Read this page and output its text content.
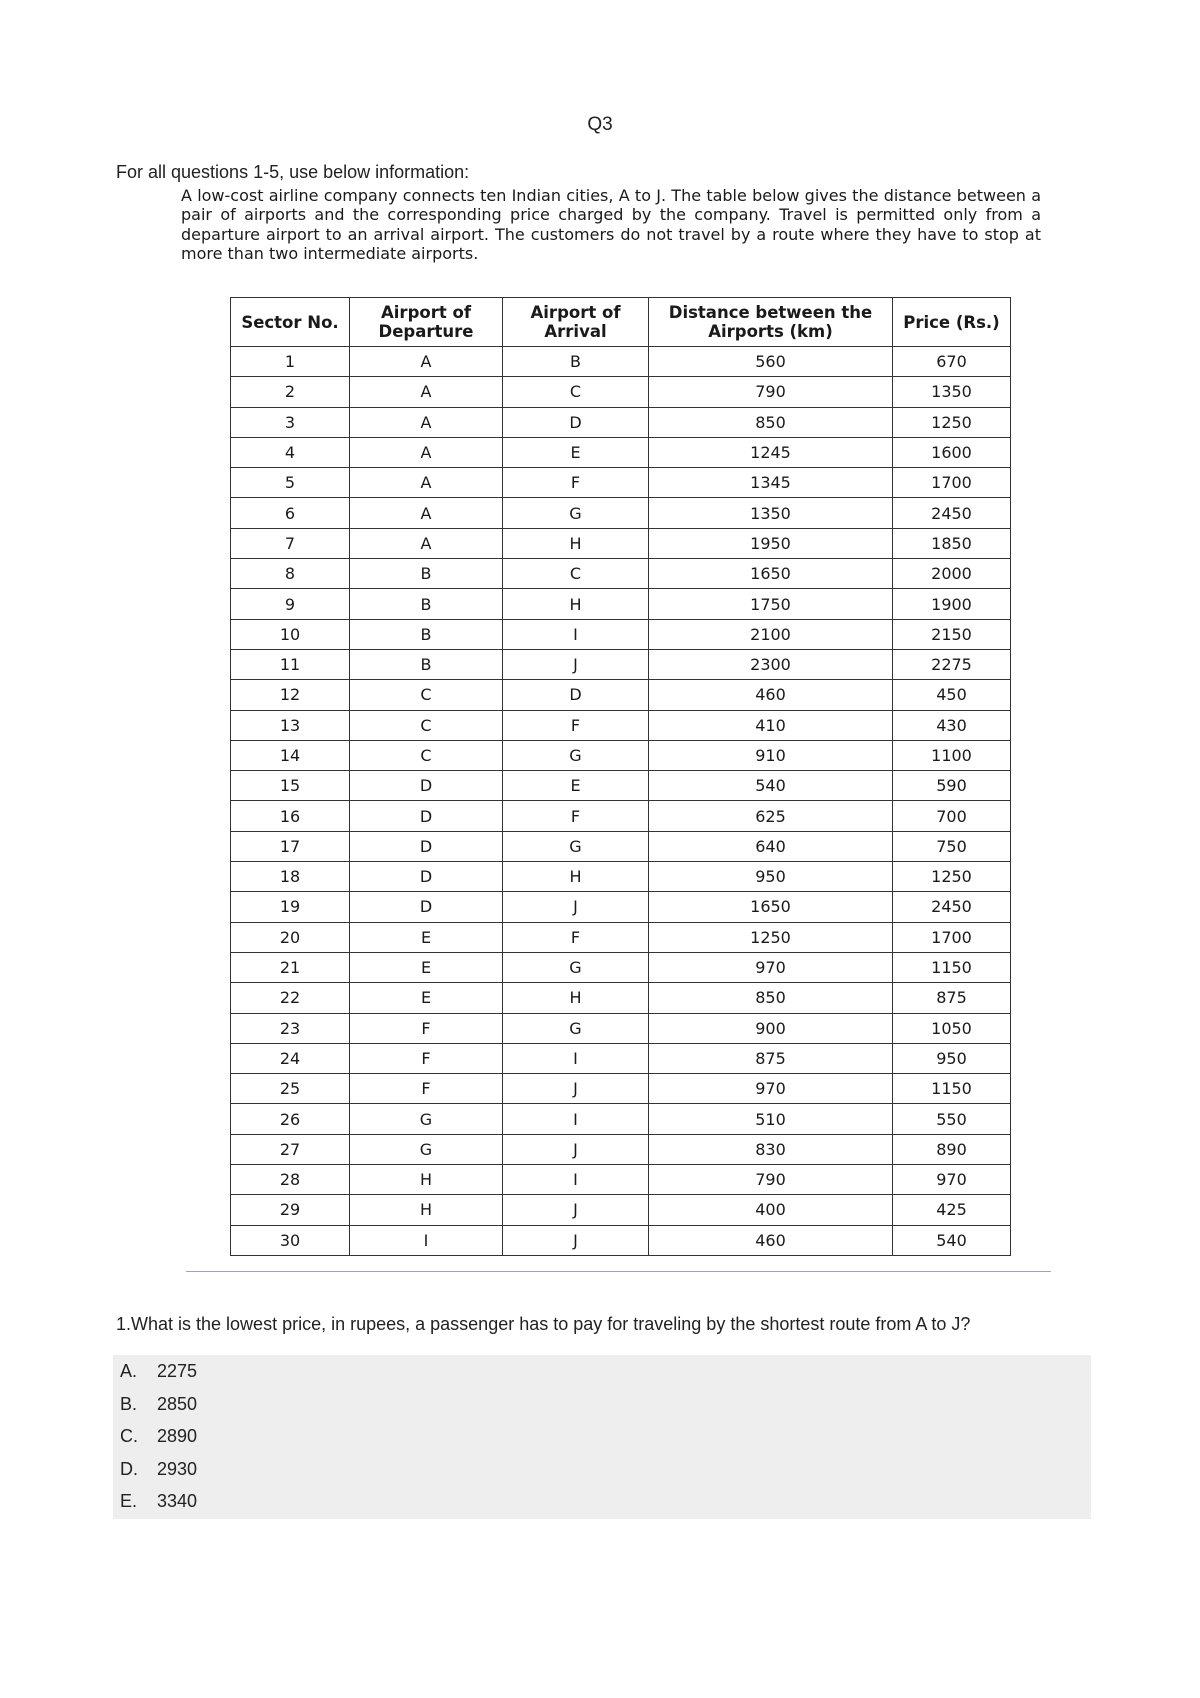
Q3
For all questions 1-5, use below information:
A low-cost airline company connects ten Indian cities, A to J. The table below gives the distance between a pair of airports and the corresponding price charged by the company. Travel is permitted only from a departure airport to an arrival airport. The customers do not travel by a route where they have to stop at more than two intermediate airports.
Sector No.	Airport of Departure	Airport of Arrival	Distance between the Airports (km)	Price (Rs.)
1	A	B	560	670
2	A	C	790	1350
3	A	D	850	1250
4	A	E	1245	1600
5	A	F	1345	1700
6	A	G	1350	2450
7	A	H	1950	1850
8	B	C	1650	2000
9	B	H	1750	1900
10	B	I	2100	2150
11	B	J	2300	2275
12	C	D	460	450
13	C	F	410	430
14	C	G	910	1100
15	D	E	540	590
16	D	F	625	700
17	D	G	640	750
18	D	H	950	1250
19	D	J	1650	2450
20	E	F	1250	1700
21	E	G	970	1150
22	E	H	850	875
23	F	G	900	1050
24	F	I	875	950
25	F	J	970	1150
26	G	I	510	550
27	G	J	830	890
28	H	I	790	970
29	H	J	400	425
30	I	J	460	540
1.What is the lowest price, in rupees, a passenger has to pay for traveling by the shortest route from A to J?
A. 2275
B. 2850
C. 2890
D. 2930
E. 3340
